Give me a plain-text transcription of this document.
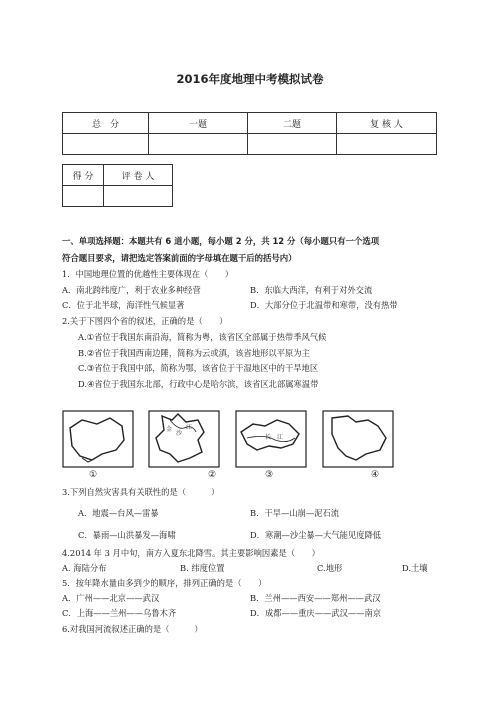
2016年度地理中考模拟试卷
总　分	一题	二题	复 核 人

得 分	评 卷 人

一、单项选择题：本题共有 6 道小题，每小题 2 分，共 12 分（每小题只有一个选项
符合题目要求，请把选定答案前面的字母填在题干后的括号内）
1．中国地理位置的优越性主要体现在（　　）
A．南北跨纬度广，利于农业多种经营	B．东临大西洋，有利于对外交流
C．位于北半球，海洋性气候显著	D．大部分位于北温带和寒带，没有热带
2.关于下图四个省的叙述，正确的是（　　）
A.①省位于我国东南沿海，简称为粤，该省区全部属于热带季风气候
B.②省位于我国西南边陲，简称为云或滇，该省地形以平原为主
C.③省位于我国中部，简称为鄂，该省位于干湿地区中的干旱地区
D.④省位于我国东北部，行政中心是哈尔滨，该省区北部属寒温带
金
沙
江
长 江
①	②	③	④
3.下列自然灾害具有关联性的是（　　　）
A．地震—台风—雷暴	B．干旱—山崩—泥石流
C．暴雨—山洪暴发—海啸	D．寒潮—沙尘暴—大气能见度降低
4.2014 年 3 月中旬，南方入夏东北降雪。其主要影响因素是（　　）
A. 海陆分布	B. 纬度位置	C.地形	D.土壤
5．按年降水量由多到少的顺序，排列正确的是（　　）
A．广州——北京——武汉	B．兰州——西安——郑州——武汉
C．上海——兰州——乌鲁木齐	D．成都——重庆——武汉——南京
6.对我国河流叙述正确的是（　　　）
